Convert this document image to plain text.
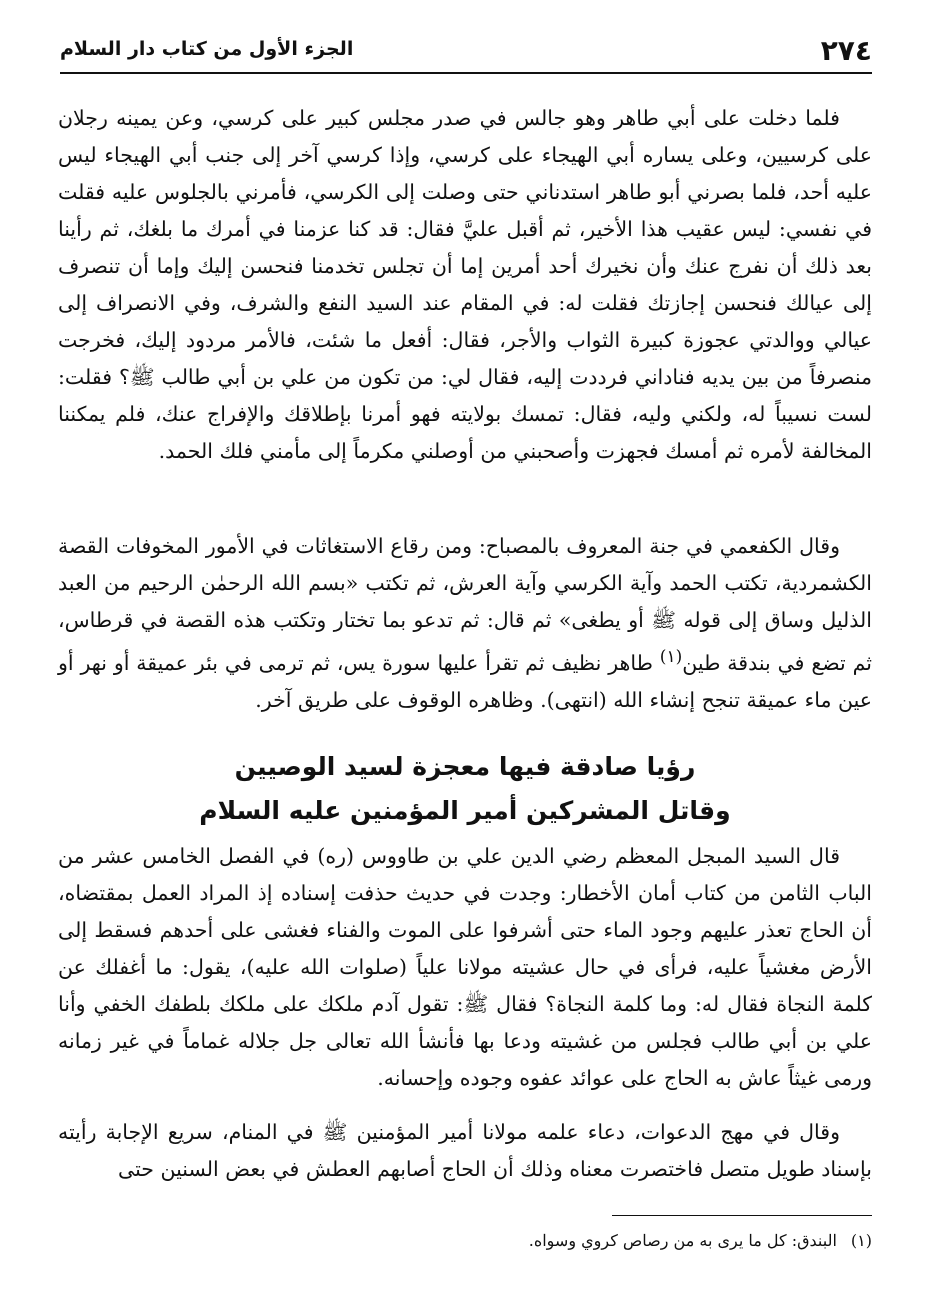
٢٧٤
الجزء الأول من كتاب دار السلام

فلما دخلت على أبي طاهر وهو جالس في صدر مجلس كبير على كرسي، وعن يمينه رجلان على كرسيين، وعلى يساره أبي الهيجاء على كرسي، وإذا كرسي آخر إلى جنب أبي الهيجاء ليس عليه أحد، فلما بصرني أبو طاهر استدناني حتى وصلت إلى الكرسي، فأمرني بالجلوس عليه فقلت في نفسي: ليس عقيب هذا الأخير، ثم أقبل عليَّ فقال: قد كنا عزمنا في أمرك ما بلغك، ثم رأينا بعد ذلك أن نفرج عنك وأن نخيرك أحد أمرين إما أن تجلس تخدمنا فنحسن إليك وإما أن تنصرف إلى عيالك فنحسن إجازتك فقلت له: في المقام عند السيد النفع والشرف، وفي الانصراف إلى عيالي ووالدتي عجوزة كبيرة الثواب والأجر، فقال: أفعل ما شئت، فالأمر مردود إليك، فخرجت منصرفاً من بين يديه فناداني فرددت إليه، فقال لي: من تكون من علي بن أبي طالب ﷺ؟ فقلت: لست نسيباً له، ولكني وليه، فقال: تمسك بولايته فهو أمرنا بإطلاقك والإفراج عنك، فلم يمكننا المخالفة لأمره ثم أمسك فجهزت وأصحبني من أوصلني مكرماً إلى مأمني فلك الحمد.

وقال الكفعمي في جنة المعروف بالمصباح: ومن رقاع الاستغاثات في الأمور المخوفات القصة الكشمردية، تكتب الحمد وآية الكرسي وآية العرش، ثم تكتب «بسم الله الرحمٰن الرحيم من العبد الذليل وساق إلى قوله ﷺ أو يطغى» ثم قال: ثم تدعو بما تختار وتكتب هذه القصة في قرطاس، ثم تضع في بندقة طين$^{(١)}$ طاهر نظيف ثم تقرأ عليها سورة يس، ثم ترمى في بئر عميقة أو نهر أو عين ماء عميقة تنجح إنشاء الله (انتهى). وظاهره الوقوف على طريق آخر.

رؤيا صادقة فيها معجزة لسيد الوصيين
وقاتل المشركين أمير المؤمنين عليه السلام

قال السيد المبجل المعظم رضي الدين علي بن طاووس (ره) في الفصل الخامس عشر من الباب الثامن من كتاب أمان الأخطار: وجدت في حديث حذفت إسناده إذ المراد العمل بمقتضاه، أن الحاج تعذر عليهم وجود الماء حتى أشرفوا على الموت والفناء فغشى على أحدهم فسقط إلى الأرض مغشياً عليه، فرأى في حال عشيته مولانا علياً (صلوات الله عليه)، يقول: ما أغفلك عن كلمة النجاة فقال له: وما كلمة النجاة؟ فقال ﷺ: تقول آدم ملكك على ملكك بلطفك الخفي وأنا علي بن أبي طالب فجلس من غشيته ودعا بها فأنشأ الله تعالى جل جلاله غماماً في غير زمانه ورمى غيثاً عاش به الحاج على عوائد عفوه وجوده وإحسانه.

وقال في مهج الدعوات، دعاء علمه مولانا أمير المؤمنين ﷺ في المنام، سريع الإجابة رأيته بإسناد طويل متصل فاختصرت معناه وذلك أن الحاج أصابهم العطش في بعض السنين حتى

(١)البندق: كل ما يرى به من رصاص كروي وسواه.
